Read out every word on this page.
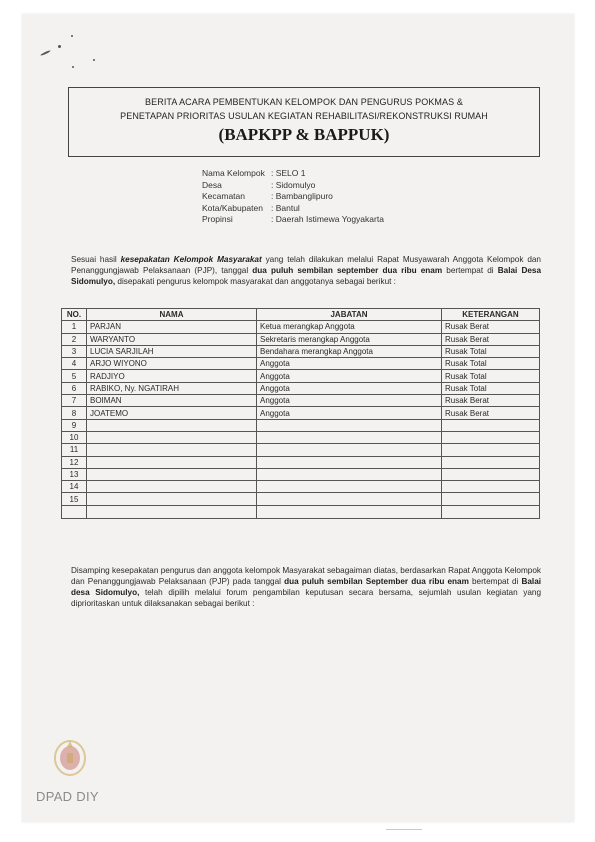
BERITA ACARA PEMBENTUKAN KELOMPOK DAN PENGURUS POKMAS &
PENETAPAN PRIORITAS USULAN KEGIATAN REHABILITASI/REKONSTRUKSI RUMAH
(BAPKPP & BAPPUK)
Nama Kelompok : SELO 1
Desa	: Sidomulyo
Kecamatan	: Bambanglipuro
Kota/Kabupaten : Bantul
Propinsi	: Daerah Istimewa Yogyakarta
Sesuai hasil kesepakatan Kelompok Masyarakat yang telah dilakukan melalui Rapat Musyawarah Anggota Kelompok dan Penanggungjawab Pelaksanaan (PJP), tanggal dua puluh sembilan september dua ribu enam bertempat di Balai Desa Sidomulyo, disepakati pengurus kelompok masyarakat dan anggotanya sebagai berikut :
NO.	NAMA	JABATAN	KETERANGAN
1	PARJAN	Ketua merangkap Anggota	Rusak Berat
2	WARYANTO	Sekretaris merangkap Anggota	Rusak Berat
3	LUCIA SARJILAH	Bendahara merangkap Anggota	Rusak Total
4	ARJO WIYONO	Anggota	Rusak Total
5	RADJIYO	Anggota	Rusak Total
6	RABIKO, Ny. NGATIRAH	Anggota	Rusak Total
7	BOIMAN	Anggota	Rusak Berat
8	JOATEMO	Anggota	Rusak Berat
9			
10			
11			
12			
13			
14			
15			

Disamping kesepakatan pengurus dan anggota kelompok Masyarakat sebagaiman diatas, berdasarkan Rapat Anggota Kelompok dan Penanggungjawab Pelaksanaan (PJP) pada tanggal dua puluh sembilan September dua ribu enam bertempat di Balai desa Sidomulyo, telah dipilih melalui forum pengambilan keputusan secara bersama, sejumlah usulan kegiatan yang diprioritaskan untuk dilaksanakan sebagai berikut :
DPAD DIY
